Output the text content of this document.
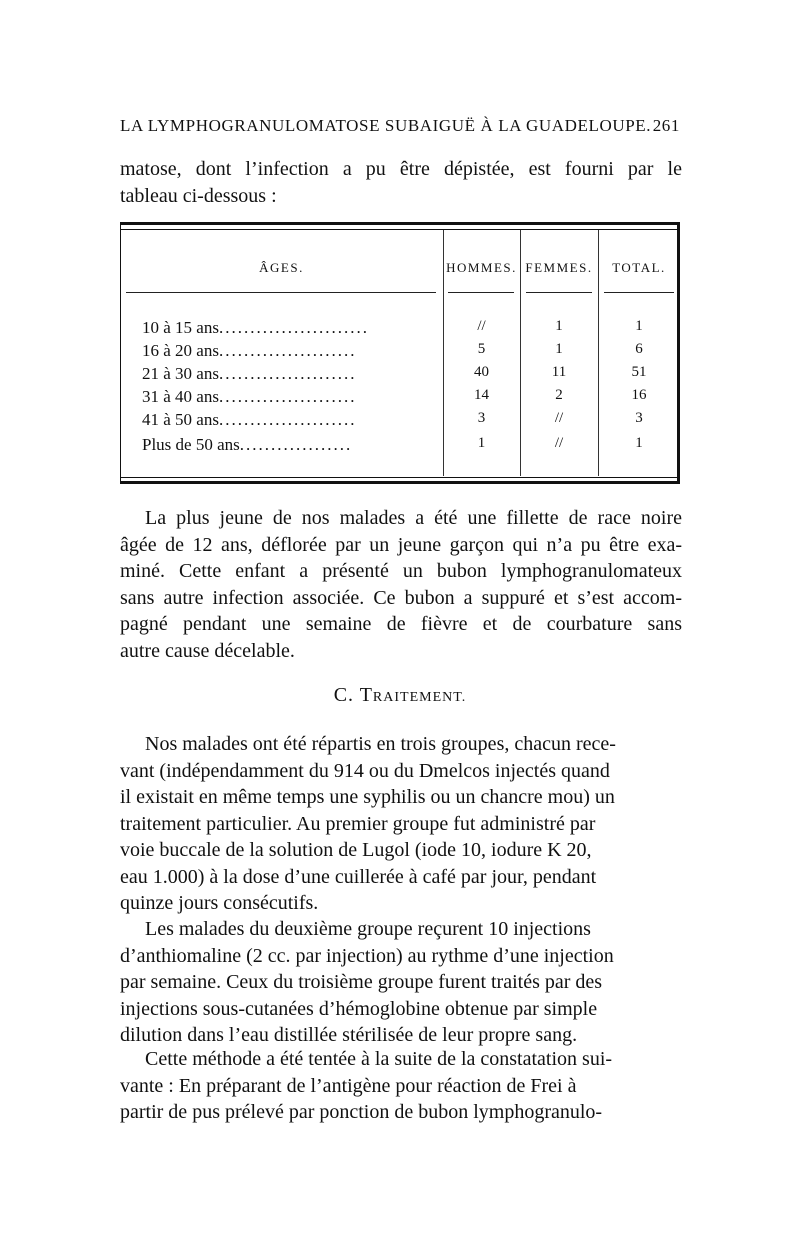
LA LYMPHOGRANULOMATOSE SUBAIGUË À LA GUADELOUPE. 261
matose, dont l’infection a pu être dépistée, est fourni par le
tableau ci-dessous :
ÂGES.	HOMMES. FEMMES.	TOTAL.
10 à 15 ans........................	//	1	1
16 à 20 ans......................	5	1	6
21 à 30 ans......................	40	11	51
31 à 40 ans......................	14	2	16
41 à 50 ans......................	3	//	3
Plus de 50 ans..................	1	//	1
La plus jeune de nos malades a été une fillette de race noire
âgée de 12 ans, déflorée par un jeune garçon qui n’a pu être exa-
miné. Cette enfant a présenté un bubon lymphogranulomateux
sans autre infection associée. Ce bubon a suppuré et s’est accom-
pagné pendant une semaine de fièvre et de courbature sans
autre cause décelable.
C. TRAITEMENT.
Nos malades ont été répartis en trois groupes, chacun rece-
vant (indépendamment du 914 ou du Dmelcos injectés quand
il existait en même temps une syphilis ou un chancre mou) un
traitement particulier. Au premier groupe fut administré par
voie buccale de la solution de Lugol (iode 10, iodure K 20,
eau 1.000) à la dose d’une cuillerée à café par jour, pendant
quinze jours consécutifs.
Les malades du deuxième groupe reçurent 10 injections
d’anthiomaline (2 cc. par injection) au rythme d’une injection
par semaine. Ceux du troisième groupe furent traités par des
injections sous-cutanées d’hémoglobine obtenue par simple
dilution dans l’eau distillée stérilisée de leur propre sang.
Cette méthode a été tentée à la suite de la constatation sui-
vante : En préparant de l’antigène pour réaction de Frei à
partir de pus prélevé par ponction de bubon lymphogranulo-
